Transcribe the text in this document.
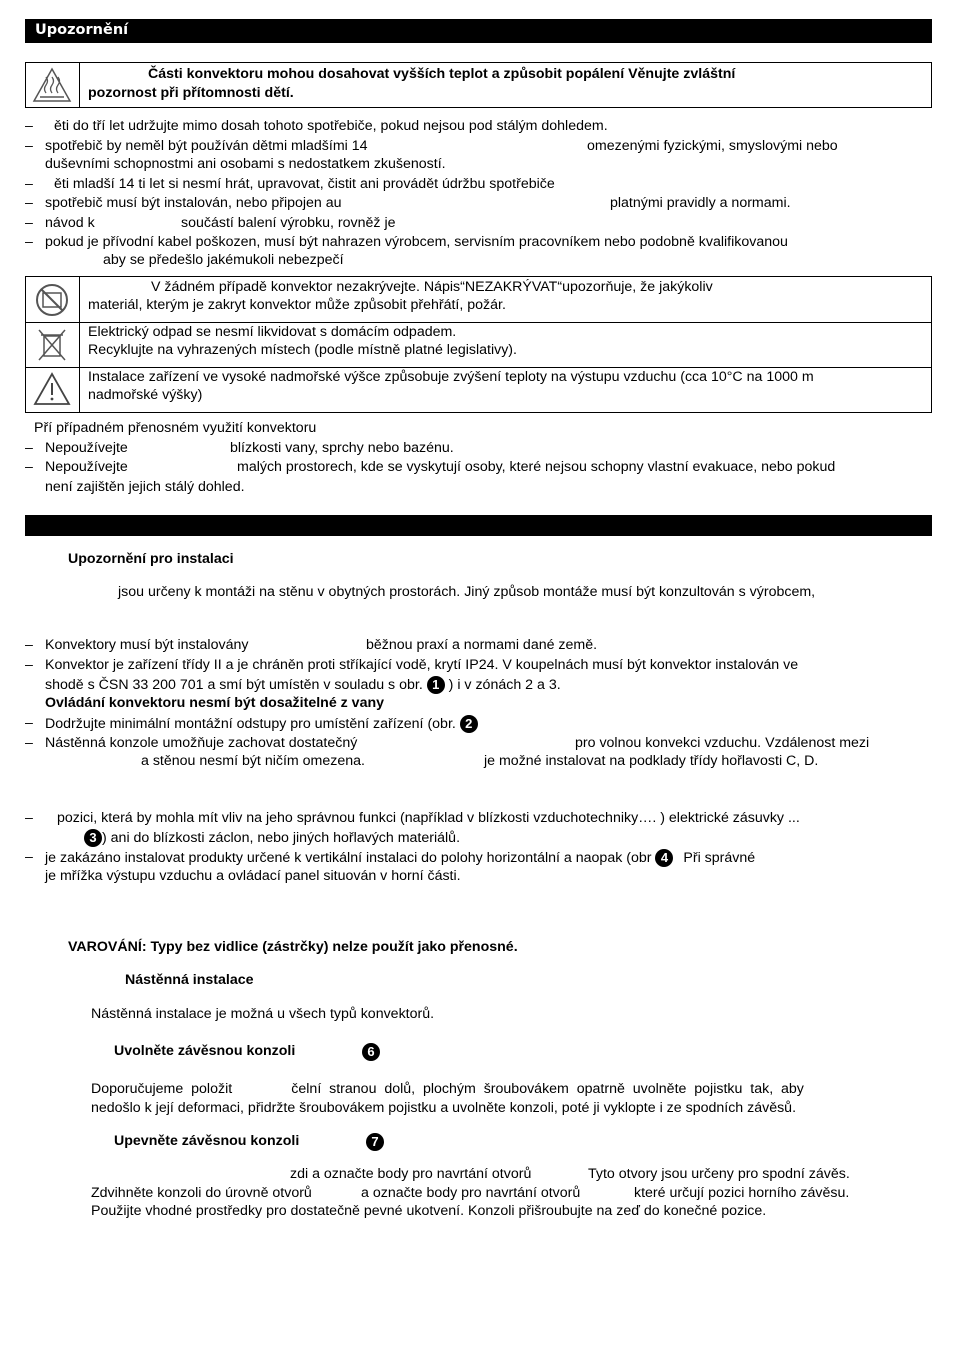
Upozornění
Části konvektoru mohou dosahovat vyšších teplot a způsobit popálení Věnujte zvláštní
pozornost při přítomnosti dětí.
– ěti do tří let udržujte mimo dosah tohoto spotřebiče, pokud nejsou pod stálým dohledem.
– spotřebič by neměl být používán dětmi mladšími 14	omezenými fyzickými, smyslovými nebo
duševními schopnostmi ani osobami s nedostatkem zkušeností.
– ěti mladší 14 ti let si nesmí hrát, upravovat, čistit ani provádět údržbu spotřebiče
– spotřebič musí být instalován, nebo připojen au	platnými pravidly a normami.
– návod k	součástí balení výrobku, rovněž je
– pokud je přívodní kabel poškozen, musí být nahrazen výrobcem, servisním pracovníkem nebo podobně kvalifikovanou
aby se předešlo jakémukoli nebezpečí
V žádném případě konvektor nezakrývejte. Nápis“NEZAKRÝVAT“upozorňuje, že jakýkoliv
materiál, kterým je zakryt konvektor může způsobit přehřátí, požár.
Elektrický odpad se nesmí likvidovat s domácím odpadem.
Recyklujte na vyhrazených místech (podle místně platné legislativy).
Instalace zařízení ve vysoké nadmořské výšce způsobuje zvýšení teploty na výstupu vzduchu (cca 10°C na 1000 m
nadmořské výšky)
Pří případném přenosném využití konvektoru
– Nepoužívejte	blízkosti vany, sprchy nebo bazénu.
– Nepoužívejte	malých prostorech, kde se vyskytují osoby, které nejsou schopny vlastní evakuace, nebo pokud
není zajištěn jejich stálý dohled.
Upozornění pro instalaci
jsou určeny k montáži na stěnu v obytných prostorách. Jiný způsob montáže musí být konzultován s výrobcem,
– Konvektory musí být instalovány	běžnou praxí a normami dané země.
– Konvektor je zařízení třídy II a je chráněn proti stříkající vodě, krytí IP24. V koupelnách musí být konvektor instalován ve
shodě s ČSN 33 200 701 a smí být umístěn v souladu s obr. 1 ) i v zónách 2 a 3.
Ovládání konvektoru nesmí být dosažitelné z vany
– Dodržujte minimální montážní odstupy pro umístění zařízení (obr. 2
– Nástěnná konzole umožňuje zachovat dostatečný	pro volnou konvekci vzduchu. Vzdálenost mezi
a stěnou nesmí být ničím omezena.	je možné instalovat na podklady třídy hořlavosti C, D.
– pozici, která by mohla mít vliv na jeho správnou funkci (například v blízkosti vzduchotechniky…. ) elektrické zásuvky ...
3 ) ani do blízkosti záclon, nebo jiných hořlavých materiálů.
– je zakázáno instalovat produkty určené k vertikální instalaci do polohy horizontální a naopak (obr 4 Při správné
je mřížka výstupu vzduchu a ovládací panel situován v horní části.
VAROVÁNÍ: Typy bez vidlice (zástrčky) nelze použít jako přenosné.
Nástěnná instalace
Nástěnná instalace je možná u všech typů konvektorů.
Uvolněte závěsnou konzoli	6
Doporučujeme  položit               čelní  stranou  dolů,  plochým  šroubovákem  opatrně  uvolněte  pojistku  tak,  aby
nedošlo k její deformaci, přidržte šroubovákem pojistku a uvolněte konzoli, poté ji vyklopte i ze spodních závěsů.
Upevněte závěsnou konzoli	7
zdi a označte body pro navrtání otvorů	Tyto otvory jsou určeny pro spodní závěs.
Zdvihněte konzoli do úrovně otvorů	a označte body pro navrtání otvorů	které určují pozici horního závěsu.
Použijte vhodné prostředky pro dostatečně pevné ukotvení. Konzoli přišroubujte na zeď do konečné pozice.
